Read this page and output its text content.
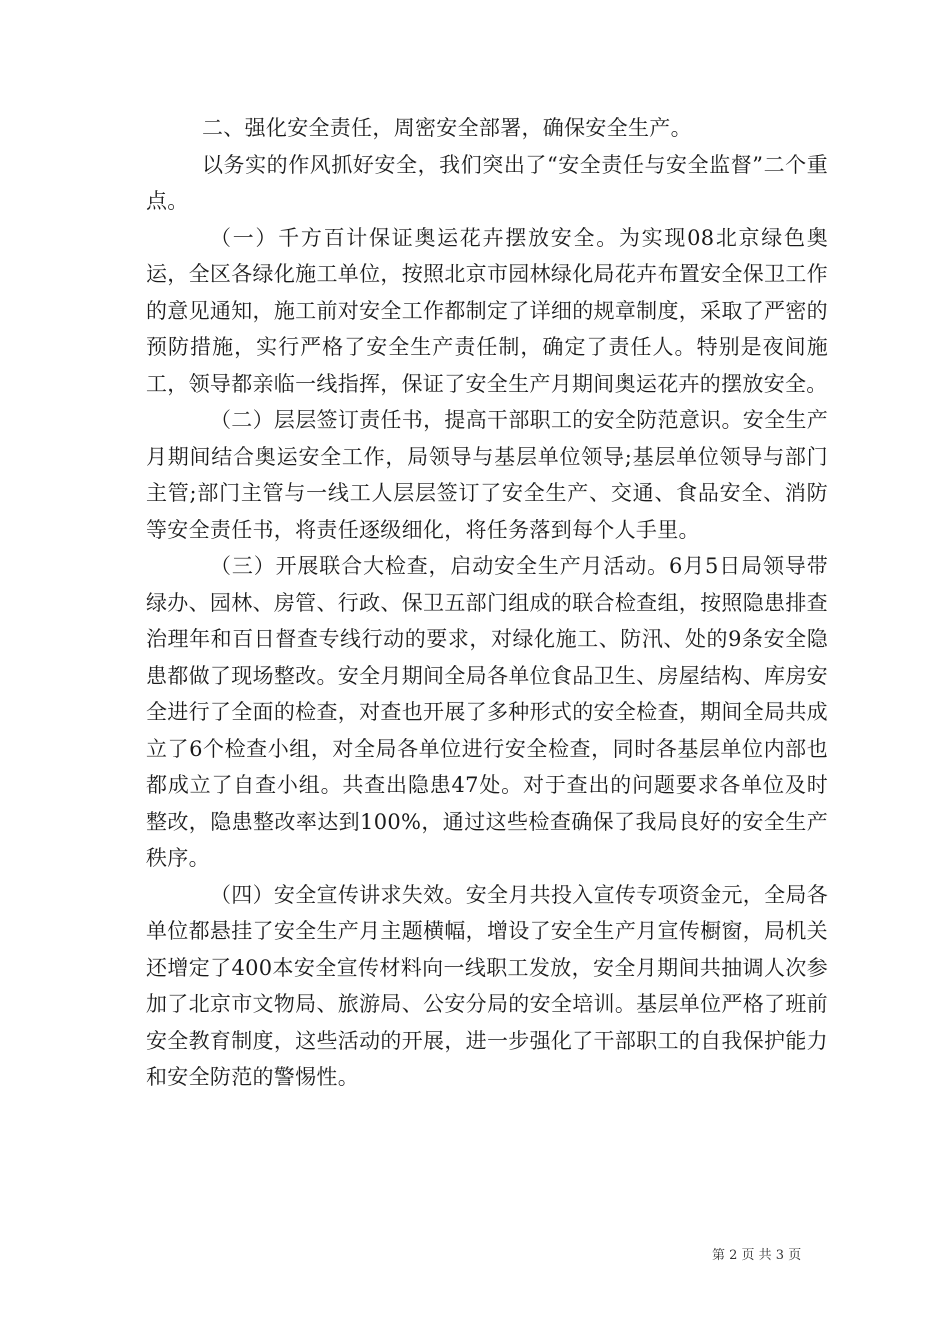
二、强化安全责任，周密安全部署，确保安全生产。

以务实的作风抓好安全，我们突出了“安全责任与安全监督”二个重点。

（一）千方百计保证奥运花卉摆放安全。为实现08北京绿色奥运，全区各绿化施工单位，按照北京市园林绿化局花卉布置安全保卫工作的意见通知，施工前对安全工作都制定了详细的规章制度，采取了严密的预防措施，实行严格了安全生产责任制，确定了责任人。特别是夜间施工，领导都亲临一线指挥，保证了安全生产月期间奥运花卉的摆放安全。

（二）层层签订责任书，提高干部职工的安全防范意识。安全生产月期间结合奥运安全工作，局领导与基层单位领导;基层单位领导与部门主管;部门主管与一线工人层层签订了安全生产、交通、食品安全、消防等安全责任书，将责任逐级细化，将任务落到每个人手里。

（三）开展联合大检查，启动安全生产月活动。6月5日局领导带绿办、园林、房管、行政、保卫五部门组成的联合检查组，按照隐患排查治理年和百日督查专线行动的要求，对绿化施工、防汛、处的9条安全隐患都做了现场整改。安全月期间全局各单位食品卫生、房屋结构、库房安全进行了全面的检查，对查也开展了多种形式的安全检查，期间全局共成立了6个检查小组，对全局各单位进行安全检查，同时各基层单位内部也都成立了自查小组。共查出隐患47处。对于查出的问题要求各单位及时整改，隐患整改率达到100%，通过这些检查确保了我局良好的安全生产秩序。

（四）安全宣传讲求失效。安全月共投入宣传专项资金元，全局各单位都悬挂了安全生产月主题横幅，增设了安全生产月宣传橱窗，局机关还增定了400本安全宣传材料向一线职工发放，安全月期间共抽调人次参加了北京市文物局、旅游局、公安分局的安全培训。基层单位严格了班前安全教育制度，这些活动的开展，进一步强化了干部职工的自我保护能力和安全防范的警惕性。

第 2 页 共 3 页
